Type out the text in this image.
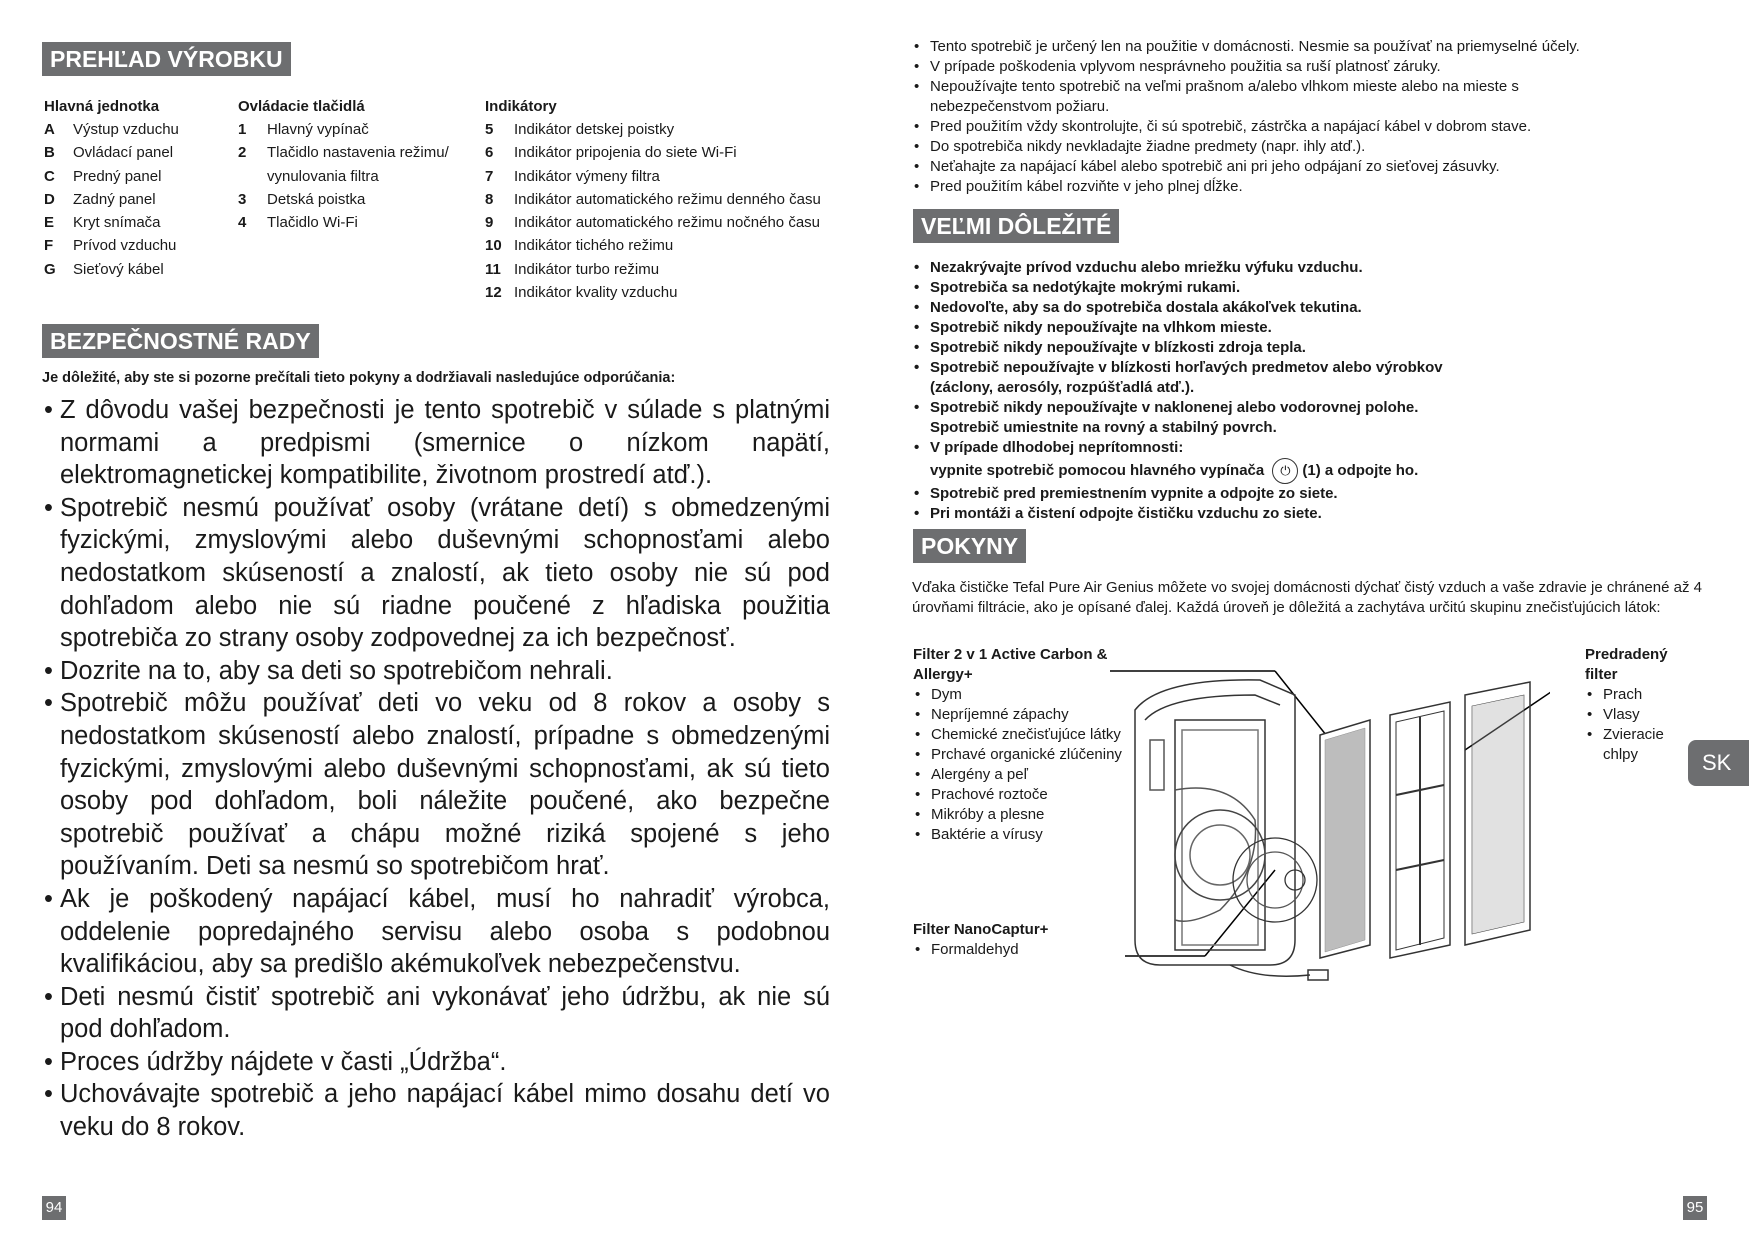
PREHĽAD VÝROBKU
Hlavná jednotka
A	Výstup vzduchu
B	Ovládací panel
C	Predný panel
D	Zadný panel
E	Kryt snímača
F	Prívod vzduchu
G	Sieťový kábel
Ovládacie tlačidlá
1	Hlavný vypínač
2	Tlačidlo nastavenia režimu/ vynulovania filtra
3	Detská poistka
4	Tlačidlo Wi-Fi
Indikátory
5	Indikátor detskej poistky
6	Indikátor pripojenia do siete Wi-Fi
7	Indikátor výmeny filtra
8	Indikátor automatického režimu denného času
9	Indikátor automatického režimu nočného času
10 Indikátor tichého režimu
11 Indikátor turbo režimu
12 Indikátor kvality vzduchu
BEZPEČNOSTNÉ RADY
Je dôležité, aby ste si pozorne prečítali tieto pokyny a dodržiavali nasledujúce odporúčania:
• Z dôvodu vašej bezpečnosti je tento spotrebič v súlade s platnými normami a predpismi (smernice o nízkom napätí, elektromagnetickej kompatibilite, životnom prostredí atď.).
• Spotrebič nesmú používať osoby (vrátane detí) s obmedzenými fyzickými, zmyslovými alebo duševnými schopnosťami alebo nedostatkom skúseností a znalostí, ak tieto osoby nie sú pod dohľadom alebo nie sú riadne poučené z hľadiska použitia spotrebiča zo strany osoby zodpovednej za ich bezpečnosť.
• Dozrite na to, aby sa deti so spotrebičom nehrali.
• Spotrebič môžu používať deti vo veku od 8 rokov a osoby s nedostatkom skúseností alebo znalostí, prípadne s obmedzenými fyzickými, zmyslovými alebo duševnými schopnosťami, ak sú tieto osoby pod dohľadom, boli náležite poučené, ako bezpečne spotrebič používať a chápu možné riziká spojené s jeho používaním. Deti sa nesmú so spotrebičom hrať.
• Ak je poškodený napájací kábel, musí ho nahradiť výrobca, oddelenie popredajného servisu alebo osoba s podobnou kvalifikáciou, aby sa predišlo akémukoľvek nebezpečenstvu.
• Deti nesmú čistiť spotrebič ani vykonávať jeho údržbu, ak nie sú pod dohľadom.
• Proces údržby nájdete v časti „Údržba“.
• Uchovávajte spotrebič a jeho napájací kábel mimo dosahu detí vo veku do 8 rokov.
94
• Tento spotrebič je určený len na použitie v domácnosti. Nesmie sa používať na priemyselné účely.
• V prípade poškodenia vplyvom nesprávneho použitia sa ruší platnosť záruky.
• Nepoužívajte tento spotrebič na veľmi prašnom a/alebo vlhkom mieste alebo na mieste s nebezpečenstvom požiaru.
• Pred použitím vždy skontrolujte, či sú spotrebič, zástrčka a napájací kábel v dobrom stave.
• Do spotrebiča nikdy nevkladajte žiadne predmety (napr. ihly atď.).
• Neťahajte za napájací kábel alebo spotrebič ani pri jeho odpájaní zo sieťovej zásuvky.
• Pred použitím kábel rozviňte v jeho plnej dĺžke.
VEĽMI DÔLEŽITÉ
• Nezakrývajte prívod vzduchu alebo mriežku výfuku vzduchu.
• Spotrebiča sa nedotýkajte mokrými rukami.
• Nedovoľte, aby sa do spotrebiča dostala akákoľvek tekutina.
• Spotrebič nikdy nepoužívajte na vlhkom mieste.
• Spotrebič nikdy nepoužívajte v blízkosti zdroja tepla.
• Spotrebič nepoužívajte v blízkosti horľavých predmetov alebo výrobkov (záclony, aerosóly, rozpúšťadlá atď.).
• Spotrebič nikdy nepoužívajte v naklonenej alebo vodorovnej polohe. Spotrebič umiestnite na rovný a stabilný povrch.
• V prípade dlhodobej neprítomnosti:
vypnite spotrebič pomocou hlavného vypínača ⏻ (1) a odpojte ho.
• Spotrebič pred premiestnením vypnite a odpojte zo siete.
• Pri montáži a čistení odpojte čističku vzduchu zo siete.
POKYNY
Vďaka čističke Tefal Pure Air Genius môžete vo svojej domácnosti dýchať čistý vzduch a vaše zdravie je chránené až 4 úrovňami filtrácie, ako je opísané ďalej. Každá úroveň je dôležitá a zachytáva určitú skupinu znečisťujúcich látok:
Filter 2 v 1 Active Carbon & Allergy+
• Dym
• Nepríjemné zápachy
• Chemické znečisťujúce látky
• Prchavé organické zlúčeniny
• Alergény a peľ
• Prachové roztoče
• Mikróby a plesne
• Baktérie a vírusy
Filter NanoCaptur+
• Formaldehyd
Predradený filter
• Prach
• Vlasy
• Zvieracie chlpy	SK
95
